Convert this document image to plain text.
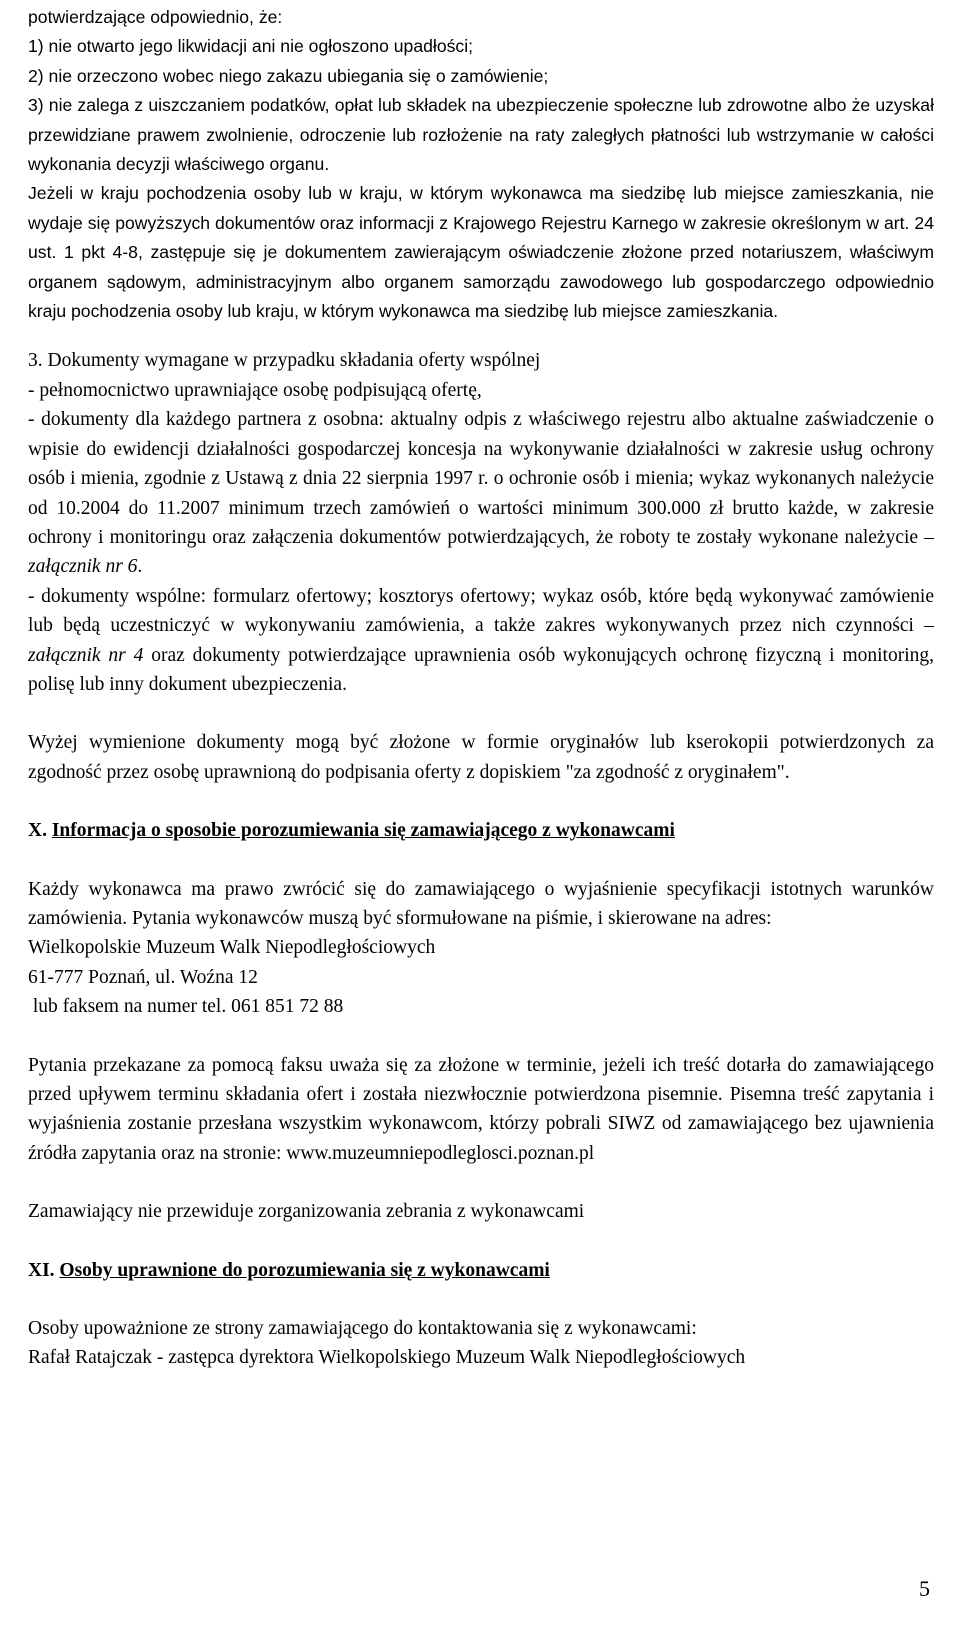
potwierdzające odpowiednio, że:

1) nie otwarto jego likwidacji ani nie ogłoszono upadłości;

2) nie orzeczono wobec niego zakazu ubiegania się o zamówienie;

3) nie zalega z uiszczaniem podatków, opłat lub składek na ubezpieczenie społeczne lub zdrowotne albo że uzyskał przewidziane prawem zwolnienie, odroczenie lub rozłożenie na raty zaległych płatności lub wstrzymanie w całości wykonania decyzji właściwego organu.

Jeżeli w kraju pochodzenia osoby lub w kraju, w którym wykonawca ma siedzibę lub miejsce zamieszkania, nie wydaje się powyższych dokumentów oraz informacji z Krajowego Rejestru Karnego w zakresie określonym w art. 24 ust. 1 pkt 4-8, zastępuje się je dokumentem zawierającym oświadczenie złożone przed notariuszem, właściwym organem sądowym, administracyjnym albo organem samorządu zawodowego lub gospodarczego odpowiednio kraju pochodzenia osoby lub kraju, w którym wykonawca ma siedzibę lub miejsce zamieszkania.

3. Dokumenty wymagane w przypadku składania oferty wspólnej

- pełnomocnictwo uprawniające osobę podpisującą ofertę,

- dokumenty dla każdego partnera z osobna: aktualny odpis z właściwego rejestru albo aktualne zaświadczenie o wpisie do ewidencji działalności gospodarczej koncesja na wykonywanie działalności w zakresie usług ochrony osób i mienia, zgodnie z Ustawą z dnia 22 sierpnia 1997 r. o ochronie osób i mienia; wykaz wykonanych należycie od 10.2004 do 11.2007 minimum trzech zamówień o wartości minimum 300.000 zł brutto każde, w zakresie ochrony i monitoringu oraz załączenia dokumentów potwierdzających, że roboty te zostały wykonane należycie – załącznik nr 6.

- dokumenty wspólne: formularz ofertowy; kosztorys ofertowy; wykaz osób, które będą wykonywać zamówienie lub będą uczestniczyć w wykonywaniu zamówienia, a także zakres wykonywanych przez nich czynności – załącznik nr 4 oraz dokumenty potwierdzające uprawnienia osób wykonujących ochronę fizyczną i monitoring, polisę lub inny dokument ubezpieczenia.

Wyżej wymienione dokumenty mogą być złożone w formie oryginałów lub kserokopii potwierdzonych za zgodność przez osobę uprawnioną do podpisania oferty z dopiskiem "za zgodność z oryginałem".

X. Informacja o sposobie porozumiewania się zamawiającego z wykonawcami

Każdy wykonawca ma prawo zwrócić się do zamawiającego o wyjaśnienie specyfikacji istotnych warunków zamówienia. Pytania wykonawców muszą być sformułowane na piśmie, i skierowane na adres:

Wielkopolskie Muzeum Walk Niepodległościowych

61-777 Poznań, ul. Woźna 12

lub faksem na numer tel. 061 851 72 88

Pytania przekazane za pomocą faksu uważa się za złożone w terminie, jeżeli ich treść dotarła do zamawiającego przed upływem terminu składania ofert i została niezwłocznie potwierdzona pisemnie. Pisemna treść zapytania i wyjaśnienia zostanie przesłana wszystkim wykonawcom, którzy pobrali SIWZ od zamawiającego bez ujawnienia źródła zapytania oraz na stronie: www.muzeumniepodleglosci.poznan.pl

Zamawiający nie przewiduje zorganizowania zebrania z wykonawcami

XI. Osoby uprawnione do porozumiewania się z wykonawcami

Osoby upoważnione ze strony zamawiającego do kontaktowania się z wykonawcami:

Rafał Ratajczak - zastępca dyrektora Wielkopolskiego Muzeum Walk Niepodległościowych

5
